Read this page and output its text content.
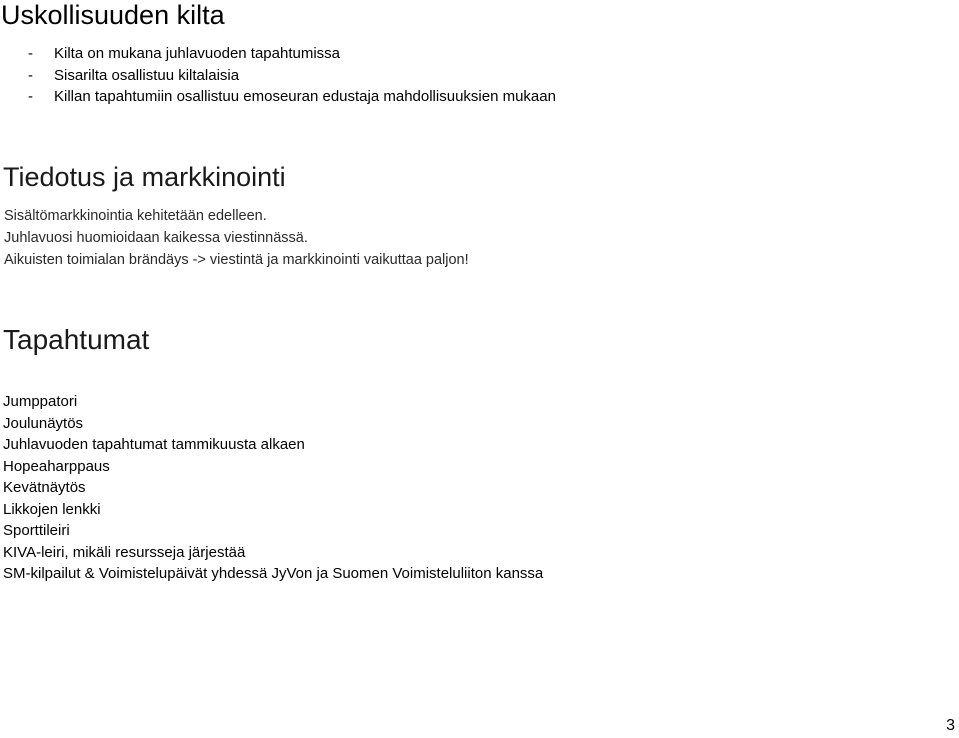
Uskollisuuden kilta
- Kilta on mukana juhlavuoden tapahtumissa
- Sisarilta osallistuu kiltalaisia
- Killan tapahtumiin osallistuu emoseuran edustaja mahdollisuuksien mukaan
Tiedotus ja markkinointi
Sisältömarkkinointia kehitetään edelleen.
Juhlavuosi huomioidaan kaikessa viestinnässä.
Aikuisten toimialan brändäys -> viestintä ja markkinointi vaikuttaa paljon!
Tapahtumat
Jumppatori
Joulunäytös
Juhlavuoden tapahtumat tammikuusta alkaen
Hopeaharppaus
Kevätnäytös
Likkojen lenkki
Sporttileiri
KIVA-leiri, mikäli resursseja järjestää
SM-kilpailut & Voimistelupäivät yhdessä JyVon ja Suomen Voimisteluliiton kanssa
3
